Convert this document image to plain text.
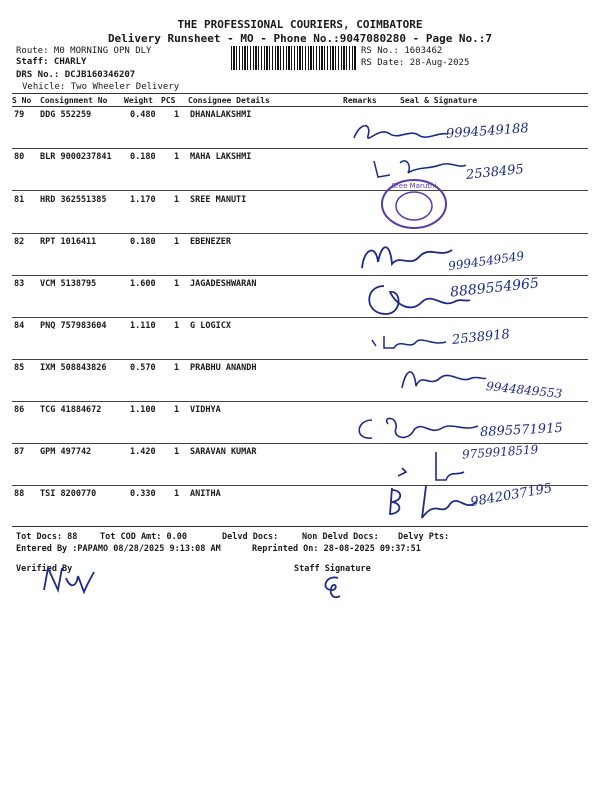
THE PROFESSIONAL COURIERS, COIMBATORE
Delivery Runsheet - MO - Phone No.:9047080280 - Page No.:7
Route: M0 MORNING OPN DLY
Staff: CHARLY
DRS No.: DCJB160346207
Vehicle: Two Wheeler Delivery
RS No.: 1603462
RS Date: 28-Aug-2025
S No Consignment No Weight PCS Consignee Details	Remarks	Seal & Signature
79 DDG 552259	0.480 1 DHANALAKSHMI
80 BLR 9000237841 0.180 1 MAHA LAKSHMI
81 HRD 362551385	1.170 1 SREE MANUTI
82 RPT 1016411	0.180 1 EBENEZER
83 VCM 5138795	1.600 1 JAGADESHWARAN
84 PNQ 757983604	1.110 1 G LOGICX
85 IXM 508843826	0.570 1 PRABHU ANANDH
86 TCG 41884672	1.100 1 VIDHYA
87 GPM 497742	1.420 1 SARAVAN KUMAR
88 TSI 8200770	0.330 1 ANITHA
9994549188
2538495
9994549549
8889554965
2538918
9944849553
8895571915
9759918519
9842037195
Sree Maruthi
Tot Docs: 88	Tot COD Amt: 0.00	Delvd Docs:	Non Delvd Docs: Delvy Pts:
Entered By :PAPAMO 08/28/2025 9:13:08 AM	Reprinted On: 28-08-2025 09:37:51
Verified By	Staff Signature
